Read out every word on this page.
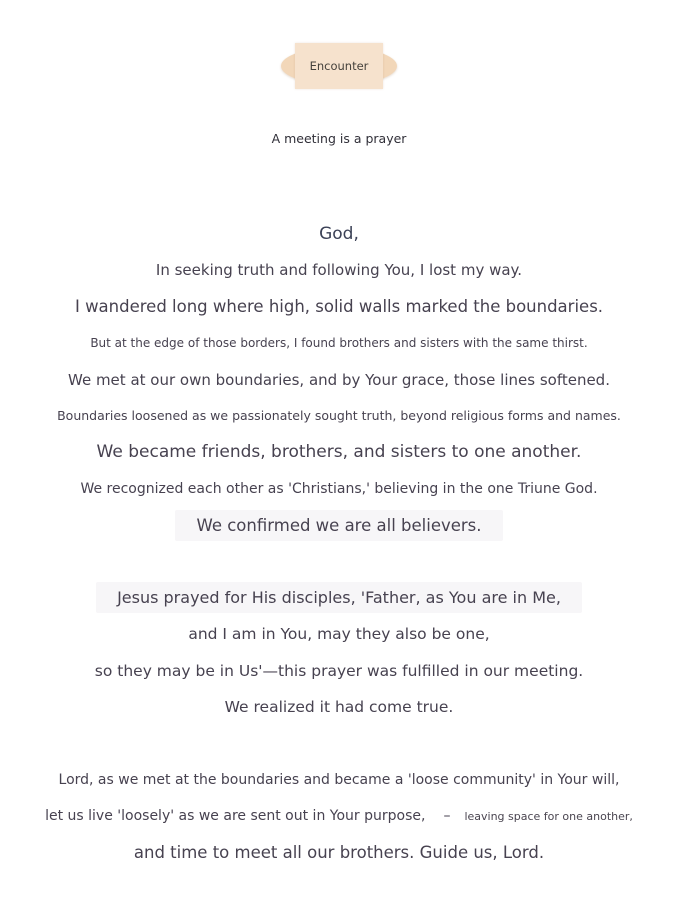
Encounter
A meeting is a prayer
God,
In seeking truth and following You, I lost my way.
I wandered long where high, solid walls marked the boundaries.
But at the edge of those borders, I found brothers and sisters with the same thirst.
We met at our own boundaries, and by Your grace, those lines softened.
Boundaries loosened as we passionately sought truth, beyond religious forms and names.
We became friends, brothers, and sisters to one another.
We recognized each other as 'Christians,' believing in the one Triune God.
We confirmed we are all believers.
Jesus prayed for His disciples, 'Father, as You are in Me,
and I am in You, may they also be one,
so they may be in Us'—this prayer was fulfilled in our meeting.
We realized it had come true.
Lord, as we met at the boundaries and became a 'loose community' in Your will,
let us live 'loosely' as we are sent out in Your purpose, – leaving space for one another,
and time to meet all our brothers. Guide us, Lord.
